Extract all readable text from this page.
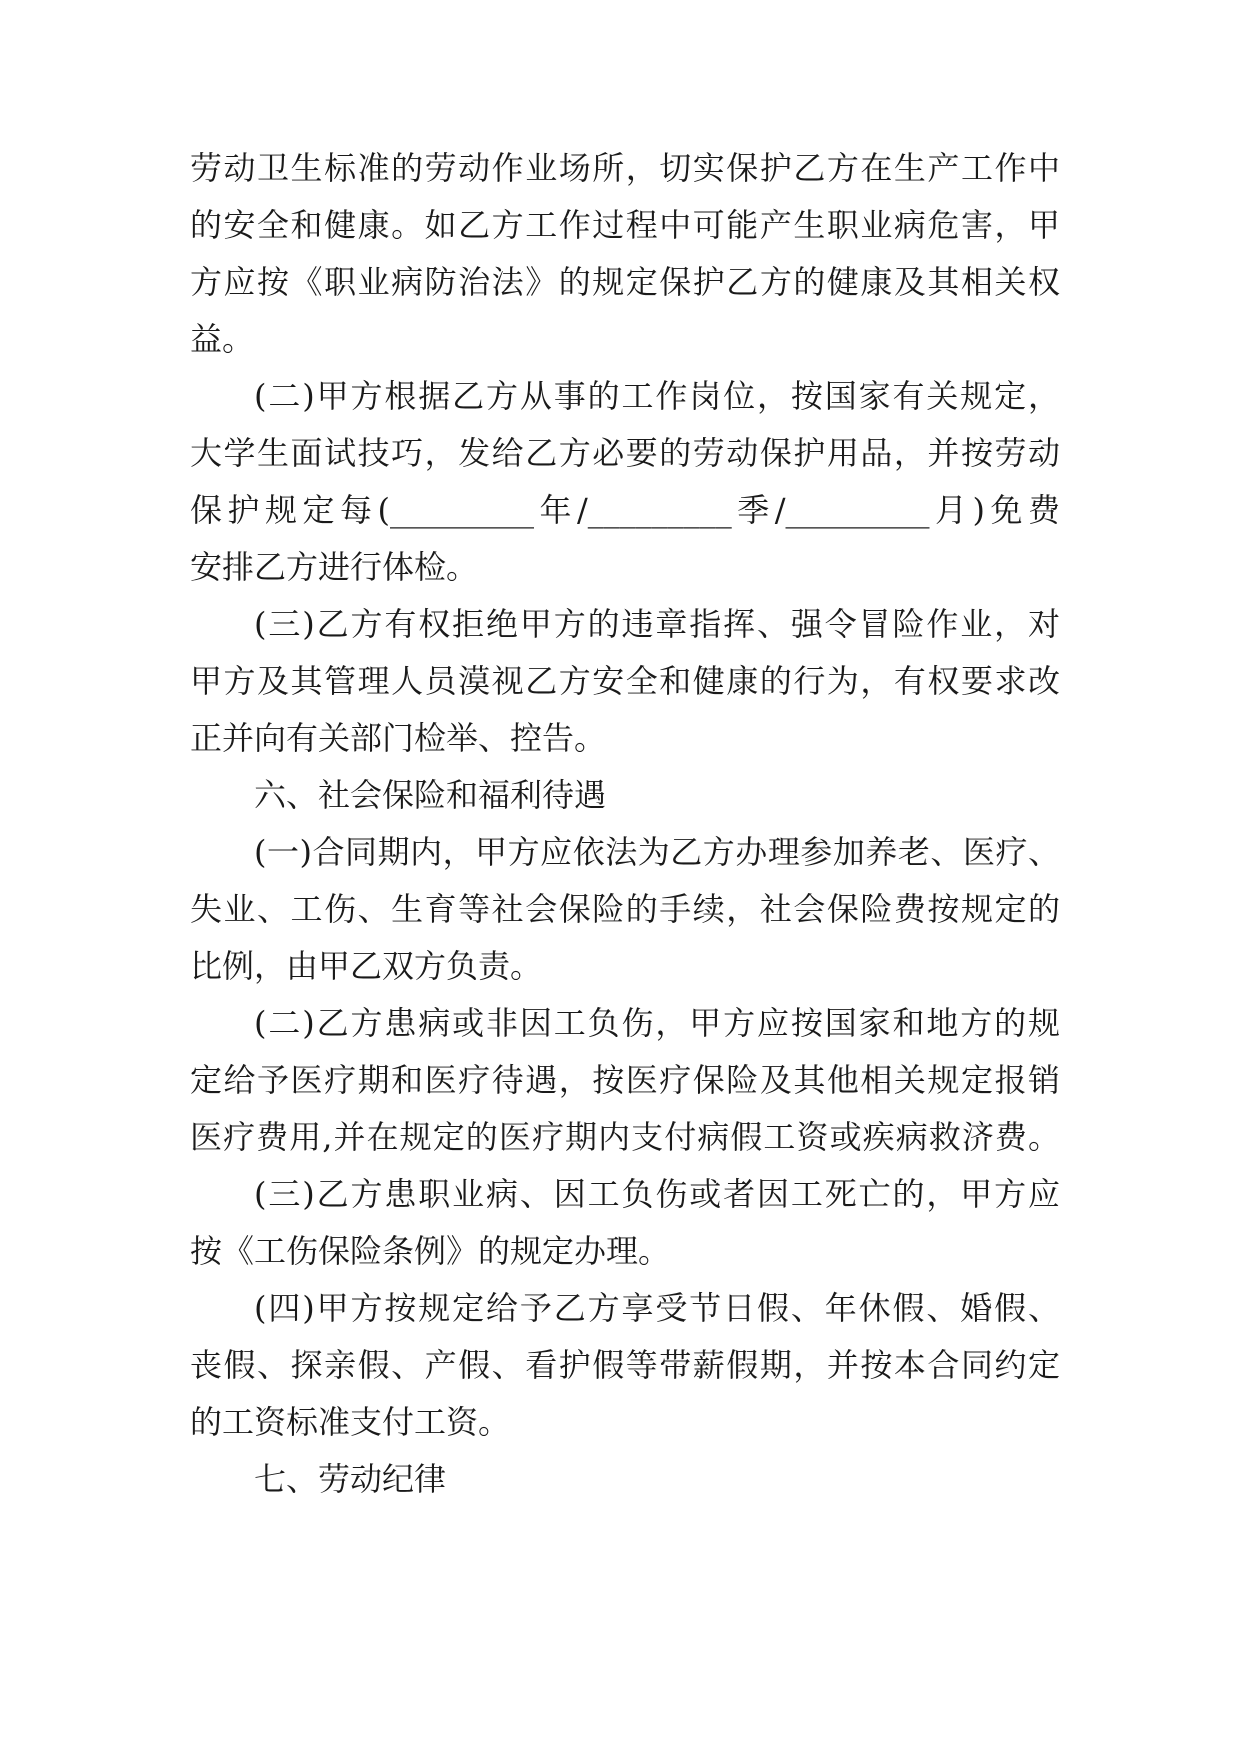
劳动卫生标准的劳动作业场所，切实保护乙方在生产工作中
的安全和健康。如乙方工作过程中可能产生职业病危害，甲
方应按《职业病防治法》的规定保护乙方的健康及其相关权
益。
(二)甲方根据乙方从事的工作岗位，按国家有关规定，
大学生面试技巧，发给乙方必要的劳动保护用品，并按劳动
保护规定每(_________年/_________季/_________月)免费
安排乙方进行体检。
(三)乙方有权拒绝甲方的违章指挥、强令冒险作业，对
甲方及其管理人员漠视乙方安全和健康的行为，有权要求改
正并向有关部门检举、控告。
六、社会保险和福利待遇
(一)合同期内，甲方应依法为乙方办理参加养老、医疗、
失业、工伤、生育等社会保险的手续，社会保险费按规定的
比例，由甲乙双方负责。
(二)乙方患病或非因工负伤，甲方应按国家和地方的规
定给予医疗期和医疗待遇，按医疗保险及其他相关规定报销
医疗费用,并在规定的医疗期内支付病假工资或疾病救济费。
(三)乙方患职业病、因工负伤或者因工死亡的，甲方应
按《工伤保险条例》的规定办理。
(四)甲方按规定给予乙方享受节日假、年休假、婚假、
丧假、探亲假、产假、看护假等带薪假期，并按本合同约定
的工资标准支付工资。
七、劳动纪律
